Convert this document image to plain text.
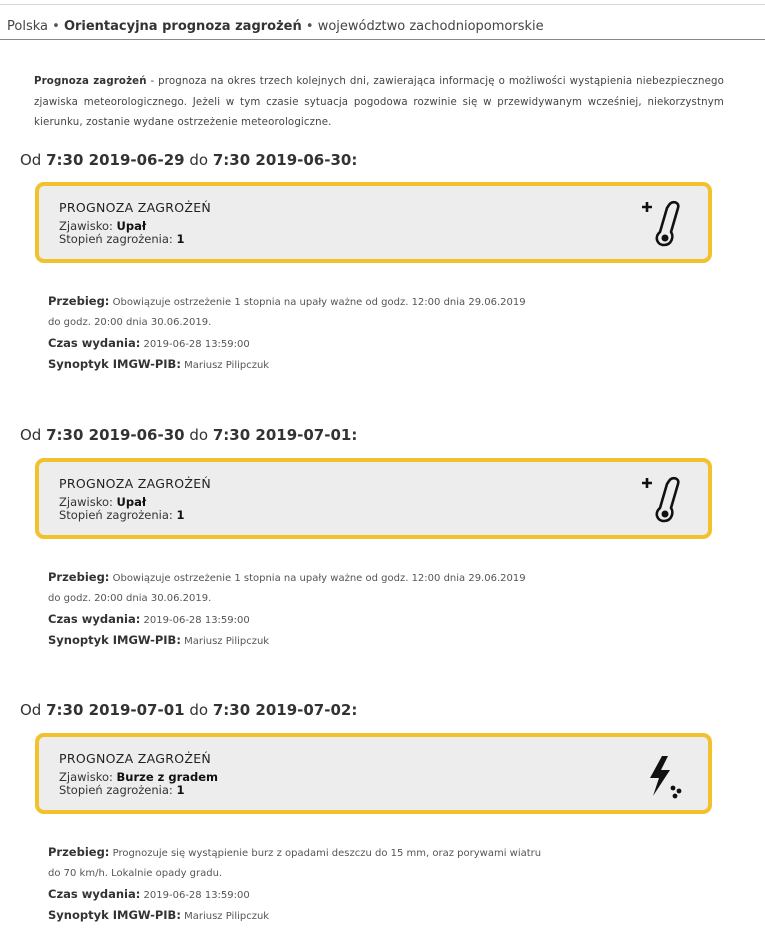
Polska • Orientacyjna prognoza zagrożeń • województwo zachodniopomorskie
Prognoza zagrożeń - prognoza na okres trzech kolejnych dni, zawierająca informację o możliwości wystąpienia niebezpiecznego zjawiska meteorologicznego. Jeżeli w tym czasie sytuacja pogodowa rozwinie się w przewidywanym wcześniej, niekorzystnym kierunku, zostanie wydane ostrzeżenie meteorologiczne.
Od 7:30 2019-06-29 do 7:30 2019-06-30:
PROGNOZA ZAGROŻEŃ
Zjawisko: Upał
Stopień zagrożenia: 1
Przebieg: Obowiązuje ostrzeżenie 1 stopnia na upały ważne od godz. 12:00 dnia 29.06.2019
do godz. 20:00 dnia 30.06.2019.
Czas wydania: 2019-06-28 13:59:00
Synoptyk IMGW-PIB: Mariusz Pilipczuk
Od 7:30 2019-06-30 do 7:30 2019-07-01:
PROGNOZA ZAGROŻEŃ
Zjawisko: Upał
Stopień zagrożenia: 1
Przebieg: Obowiązuje ostrzeżenie 1 stopnia na upały ważne od godz. 12:00 dnia 29.06.2019
do godz. 20:00 dnia 30.06.2019.
Czas wydania: 2019-06-28 13:59:00
Synoptyk IMGW-PIB: Mariusz Pilipczuk
Od 7:30 2019-07-01 do 7:30 2019-07-02:
PROGNOZA ZAGROŻEŃ
Zjawisko: Burze z gradem
Stopień zagrożenia: 1
Przebieg: Prognozuje się wystąpienie burz z opadami deszczu do 15 mm, oraz porywami wiatru
do 70 km/h. Lokalnie opady gradu.
Czas wydania: 2019-06-28 13:59:00
Synoptyk IMGW-PIB: Mariusz Pilipczuk
